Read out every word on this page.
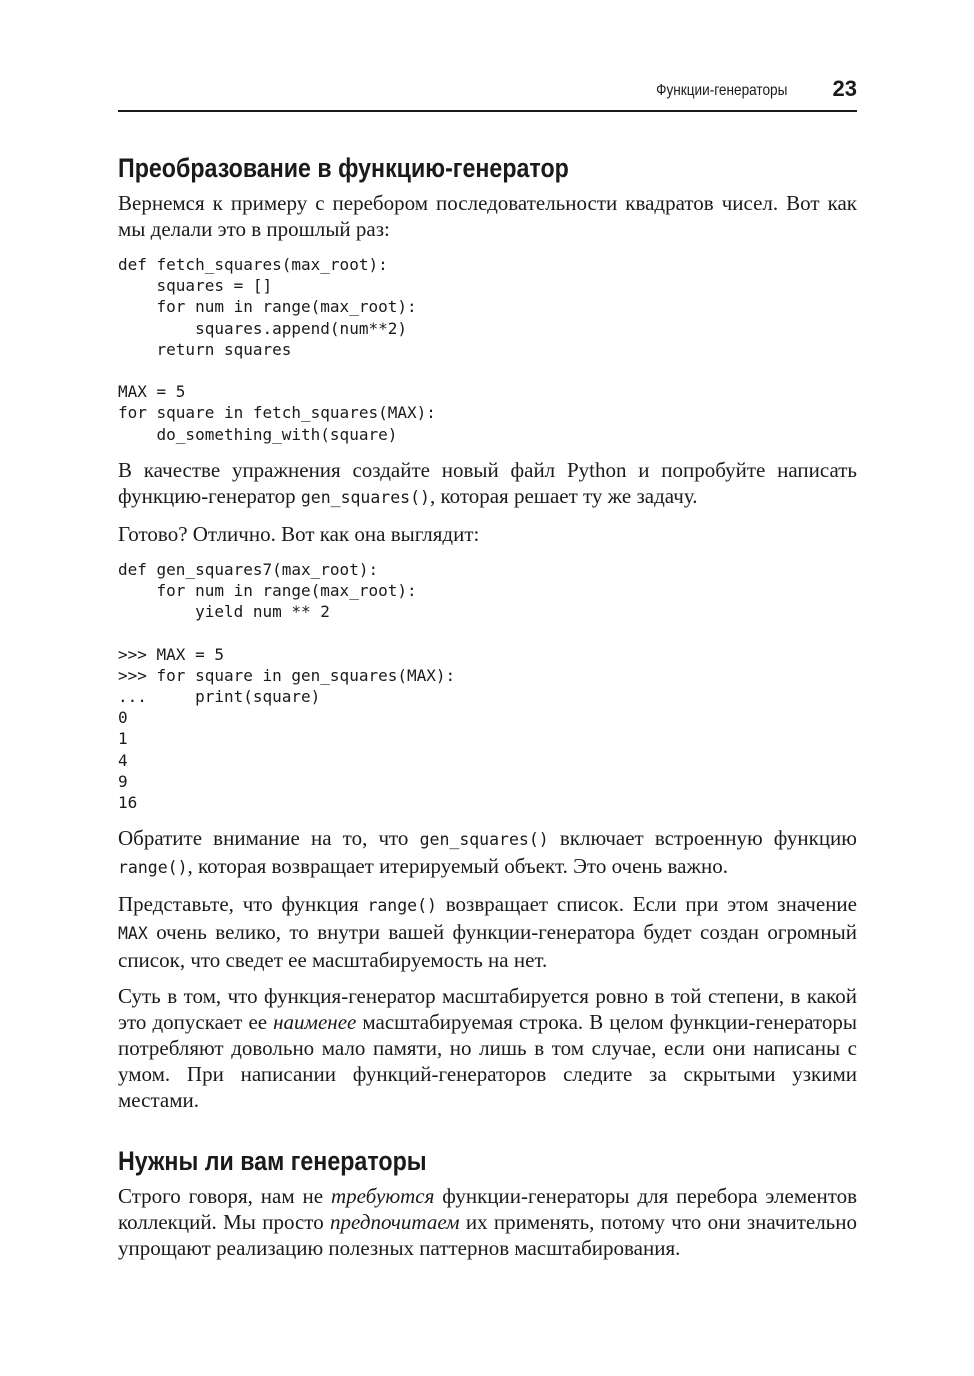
Функции-генераторы 23
Преобразование в функцию-генератор

Вернемся к примеру с перебором последовательности квадратов чисел. Вот как мы делали это в прошлый раз:

def fetch_squares(max_root):
squares = []
for num in range(max_root):
squares.append(num**2)
return squares

MAX = 5
for square in fetch_squares(MAX):
do_something_with(square)

В качестве упражнения создайте новый файл Python и попробуйте написать функцию-генератор gen_squares(), которая решает ту же задачу.

Готово? Отлично. Вот как она выглядит:

def gen_squares7(max_root):
for num in range(max_root):
yield num ** 2

>>> MAX = 5
>>> for square in gen_squares(MAX):
...     print(square)
0
1
4
9
16

Обратите внимание на то, что gen_squares() включает встроенную функцию range(), которая возвращает итерируемый объект. Это очень важно.

Представьте, что функция range() возвращает список. Если при этом значение MAX очень велико, то внутри вашей функции-генератора будет создан огромный список, что сведет ее масштабируемость на нет.

Суть в том, что функция-генератор масштабируется ровно в той степени, в какой это допускает ее наименее масштабируемая строка. В целом функции-генераторы потребляют довольно мало памяти, но лишь в том случае, если они написаны с умом. При написании функций-генераторов следите за скрытыми узкими местами.

Нужны ли вам генераторы

Строго говоря, нам не требуются функции-генераторы для перебора элементов коллекций. Мы просто предпочитаем их применять, потому что они значительно упрощают реализацию полезных паттернов масштабирования.
